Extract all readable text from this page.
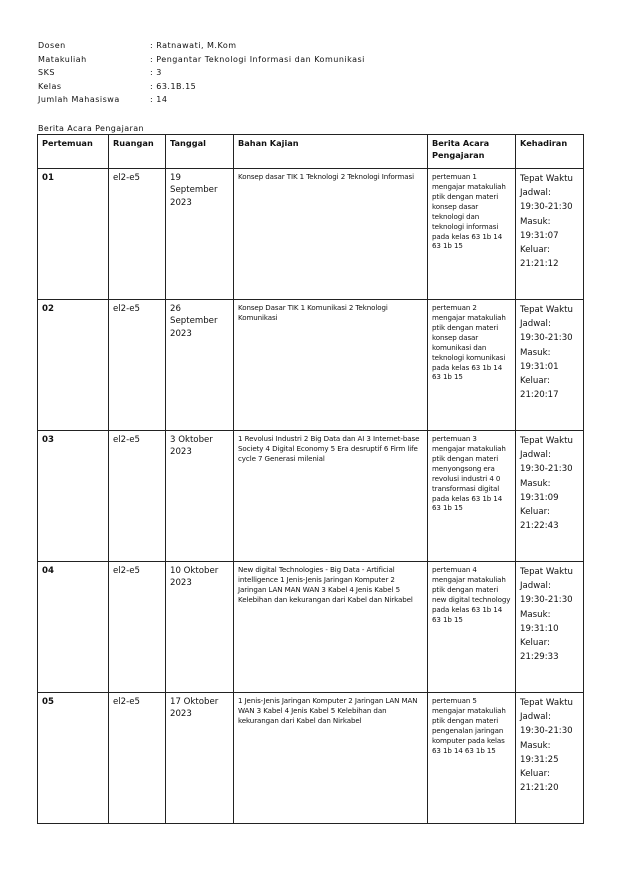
Dosen	: Ratnawati, M.Kom
Matakuliah	: Pengantar Teknologi Informasi dan Komunikasi
SKS	: 3
Kelas	: 63.1B.15
Jumlah Mahasiswa	: 14
Berita Acara Pengajaran
Pertemuan	Ruangan	Tanggal	Bahan Kajian	Berita Acara Pengajaran	Kehadiran
01	el2-e5	19 September 2023	Konsep dasar TIK 1 Teknologi 2 Teknologi Informasi	pertemuan 1 mengajar matakuliah ptik dengan materi konsep dasar teknologi dan teknologi informasi pada kelas 63 1b 14 63 1b 15	Tepat Waktu Jadwal: 19:30-21:30 Masuk: 19:31:07 Keluar: 21:21:12
02	el2-e5	26 September 2023	Konsep Dasar TIK 1 Komunikasi 2 Teknologi Komunikasi	pertemuan 2 mengajar matakuliah ptik dengan materi konsep dasar komunikasi dan teknologi komunikasi pada kelas 63 1b 14 63 1b 15	Tepat Waktu Jadwal: 19:30-21:30 Masuk: 19:31:01 Keluar: 21:20:17
03	el2-e5	3 Oktober 2023	1 Revolusi Industri 2 Big Data dan AI 3 Internet-base Society 4 Digital Economy 5 Era desruptif 6 Firm life cycle 7 Generasi milenial	pertemuan 3 mengajar matakuliah ptik dengan materi menyongsong era revolusi industri 4 0 transformasi digital pada kelas 63 1b 14 63 1b 15	Tepat Waktu Jadwal: 19:30-21:30 Masuk: 19:31:09 Keluar: 21:22:43
04	el2-e5	10 Oktober 2023	New digital Technologies - Big Data - Artificial intelligence 1 Jenis-Jenis Jaringan Komputer 2 Jaringan LAN MAN WAN 3 Kabel 4 Jenis Kabel 5 Kelebihan dan kekurangan dari Kabel dan Nirkabel	pertemuan 4 mengajar matakuliah ptik dengan materi new digital technology pada kelas 63 1b 14 63 1b 15	Tepat Waktu Jadwal: 19:30-21:30 Masuk: 19:31:10 Keluar: 21:29:33
05	el2-e5	17 Oktober 2023	1 Jenis-Jenis Jaringan Komputer 2 Jaringan LAN MAN WAN 3 Kabel 4 Jenis Kabel 5 Kelebihan dan kekurangan dari Kabel dan Nirkabel	pertemuan 5 mengajar matakuliah ptik dengan materi pengenalan jaringan komputer pada kelas 63 1b 14 63 1b 15	Tepat Waktu Jadwal: 19:30-21:30 Masuk: 19:31:25 Keluar: 21:21:20
